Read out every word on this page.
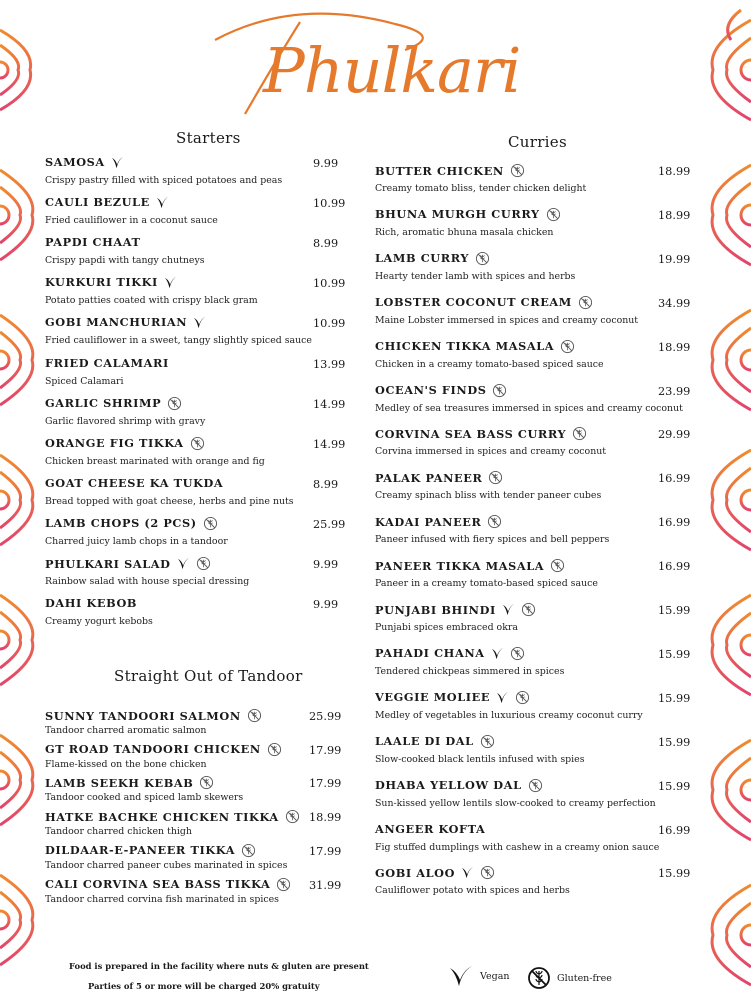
Phulkari
Starters
Straight Out of Tandoor
Curries
SAMOSA	9.99
Crispy pastry filled with spiced potatoes and peas
CAULI BEZULE	10.99
Fried cauliflower in a coconut sauce
PAPDI CHAAT	8.99
Crispy papdi with tangy chutneys
KURKURI TIKKI	10.99
Potato patties coated with crispy black gram
GOBI MANCHURIAN	10.99
Fried cauliflower in a sweet, tangy slightly spiced sauce
FRIED CALAMARI	13.99
Spiced Calamari
GARLIC SHRIMP	14.99
Garlic flavored shrimp with gravy
ORANGE FIG TIKKA	14.99
Chicken breast marinated with orange and fig
GOAT CHEESE KA TUKDA	8.99
Bread topped with goat cheese, herbs and pine nuts
LAMB CHOPS (2 PCS)	25.99
Charred juicy lamb chops in a tandoor
PHULKARI SALAD	9.99
Rainbow salad with house special dressing
DAHI KEBOB	9.99
Creamy yogurt kebobs
SUNNY TANDOORI SALMON	25.99
Tandoor charred aromatic salmon
GT ROAD TANDOORI CHICKEN	17.99
Flame-kissed on the bone chicken
LAMB SEEKH KEBAB	17.99
Tandoor cooked and spiced lamb skewers
HATKE BACHKE CHICKEN TIKKA	18.99
Tandoor charred chicken thigh
DILDAAR-E-PANEER TIKKA	17.99
Tandoor charred paneer cubes marinated in spices
CALI CORVINA SEA BASS TIKKA	31.99
Tandoor charred corvina fish marinated in spices
BUTTER CHICKEN	18.99
Creamy tomato bliss, tender chicken delight
BHUNA MURGH CURRY	18.99
Rich, aromatic bhuna masala chicken
LAMB CURRY	19.99
Hearty tender lamb with spices and herbs
LOBSTER COCONUT CREAM	34.99
Maine Lobster immersed in spices and creamy coconut
CHICKEN TIKKA MASALA	18.99
Chicken in a creamy tomato-based spiced sauce
OCEAN'S FINDS	23.99
Medley of sea treasures immersed in spices and creamy coconut
CORVINA SEA BASS CURRY	29.99
Corvina immersed in spices and creamy coconut
PALAK PANEER	16.99
Creamy spinach bliss with tender paneer cubes
KADAI PANEER	16.99
Paneer infused with fiery spices and bell peppers
PANEER TIKKA MASALA	16.99
Paneer in a creamy tomato-based spiced sauce
PUNJABI BHINDI	15.99
Punjabi spices embraced okra
PAHADI CHANA	15.99
Tendered chickpeas simmered in spices
VEGGIE MOLIEE	15.99
Medley of vegetables in luxurious creamy coconut curry
LAALE DI DAL	15.99
Slow-cooked black lentils infused with spies
DHABA YELLOW DAL	15.99
Sun-kissed yellow lentils slow-cooked to creamy perfection
ANGEER KOFTA	16.99
Fig stuffed dumplings with cashew in a creamy onion sauce
GOBI ALOO	15.99
Cauliflower potato with spices and herbs
Food is prepared in the facility where nuts & gluten are present
Parties of 5 or more will be charged 20% gratuity
Vegan	Gluten-free
